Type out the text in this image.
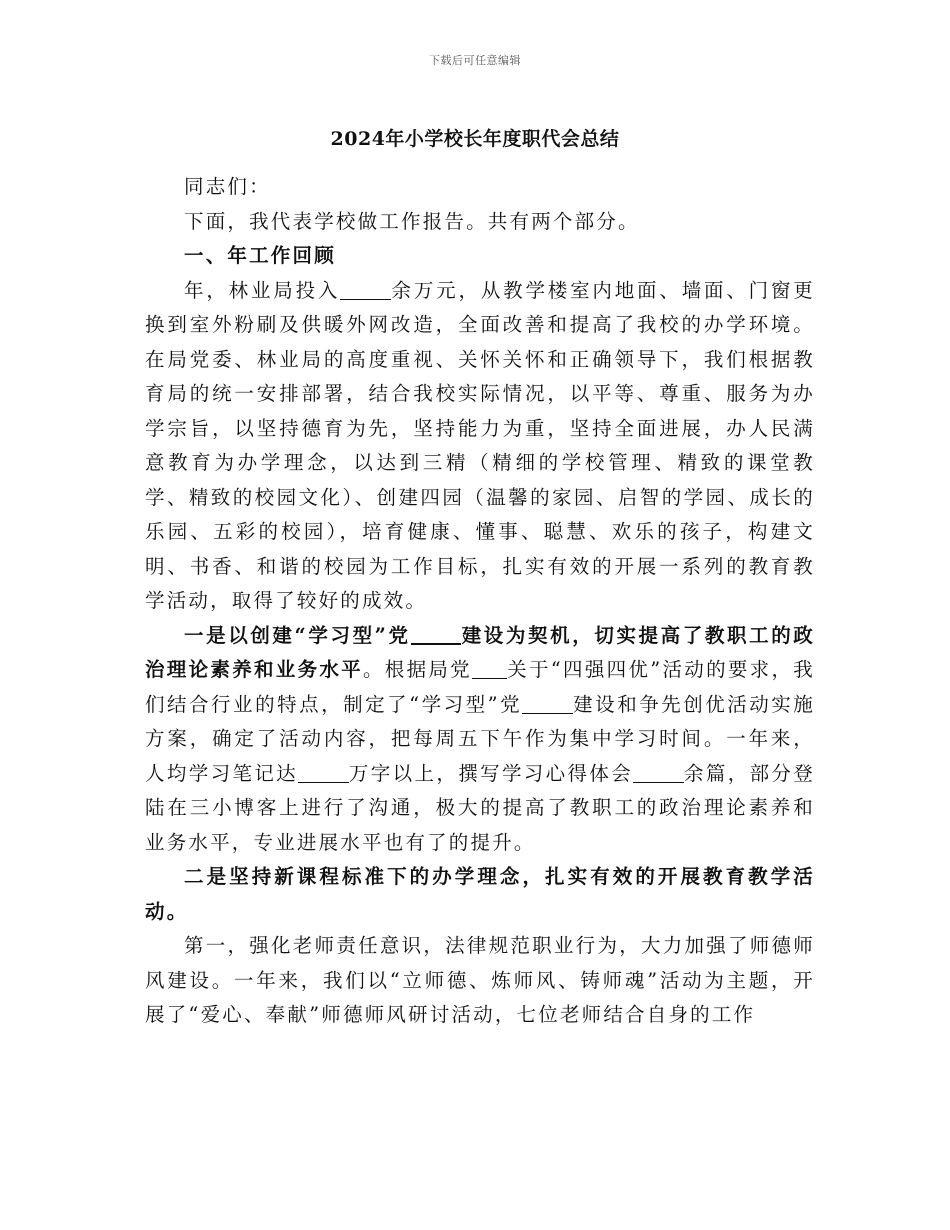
下载后可任意编辑
2024年小学校长年度职代会总结

同志们：

下面，我代表学校做工作报告。共有两个部分。

一、年工作回顾

年，林业局投入	余万元，从教学楼室内地面、墙面、门窗更换到室外粉刷及供暖外网改造，全面改善和提高了我校的办学环境。在局党委、林业局的高度重视、关怀关怀和正确领导下，我们根据教育局的统一安排部署，结合我校实际情况，以平等、尊重、服务为办学宗旨，以坚持德育为先，坚持能力为重，坚持全面进展，办人民满意教育为办学理念，以达到三精（精细的学校管理、精致的课堂教学、精致的校园文化）、创建四园（温馨的家园、启智的学园、成长的乐园、五彩的校园），培育健康、懂事、聪慧、欢乐的孩子，构建文明、书香、和谐的校园为工作目标，扎实有效的开展一系列的教育教学活动，取得了较好的成效。

一是以创建“学习型”党	建设为契机，切实提高了教职工的政治理论素养和业务水平。根据局党 关于“四强四优”活动的要求，我们结合行业的特点，制定了“学习型”党	建设和争先创优活动实施方案，确定了活动内容，把每周五下午作为集中学习时间。一年来，人均学习笔记达	万字以上，撰写学习心得体会	余篇，部分登陆在三小博客上进行了沟通，极大的提高了教职工的政治理论素养和业务水平，专业进展水平也有了的提升。

二是坚持新课程标准下的办学理念，扎实有效的开展教育教学活动。

第一，强化老师责任意识，法律规范职业行为，大力加强了师德师风建设。一年来，我们以“立师德、炼师风、铸师魂”活动为主题，开展了“爱心、奉献”师德师风研讨活动，七位老师结合自身的工作
